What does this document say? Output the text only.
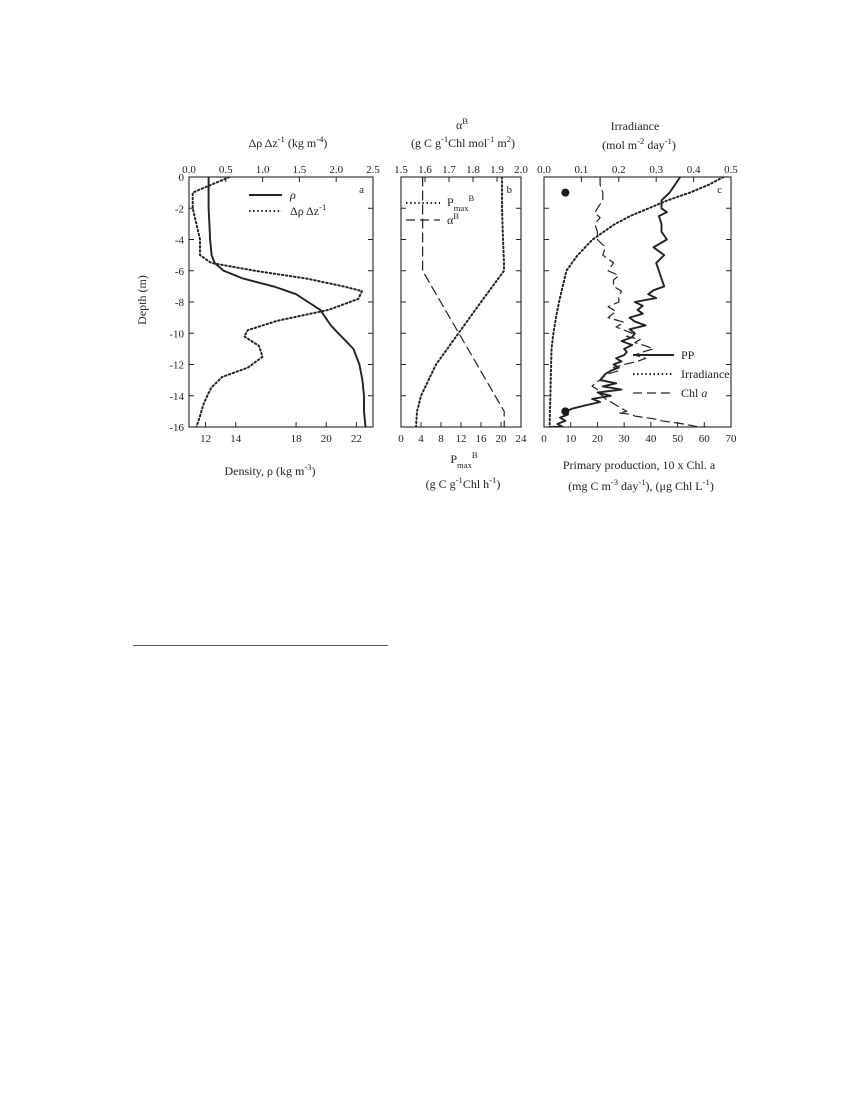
Depth (m)
0
-2
-4
-6
-8
-10
-12
-14
-16
0.0 0.5 1.0 1.5 2.0 2.5
12 14	18 20 22
a
Δρ $\Delta z^{-1}$ (kg $m^{-4}$)
Density, ρ (kg $m^{-3}$)
ρ
Δρ $\Delta z^{-1}$
1.5 1.6 1.7 1.8 1.9 2.0
0 4 8 12 16 20 24
b
$\alpha^B$
(g C $g^{-1}Chl$ mol$^{-1}$ $m^2$)
$P_{max}^B$
(g C $g^{-1}Chl$ $h^{-1}$)
$P_{max}^B$
$\alpha^B$
0.0 0.1 0.2 0.3 0.4 0.5
0 10 20 30 40 50 60 70
c
Irradiance
(mol $m^{-2}$ day$^{-1}$)
Primary production, 10 x Chl. a
(mg C $m^{-3}$ day$^{-1}$), (μg Chl $L^{-1}$)
PP
Irradiance
Chl a
